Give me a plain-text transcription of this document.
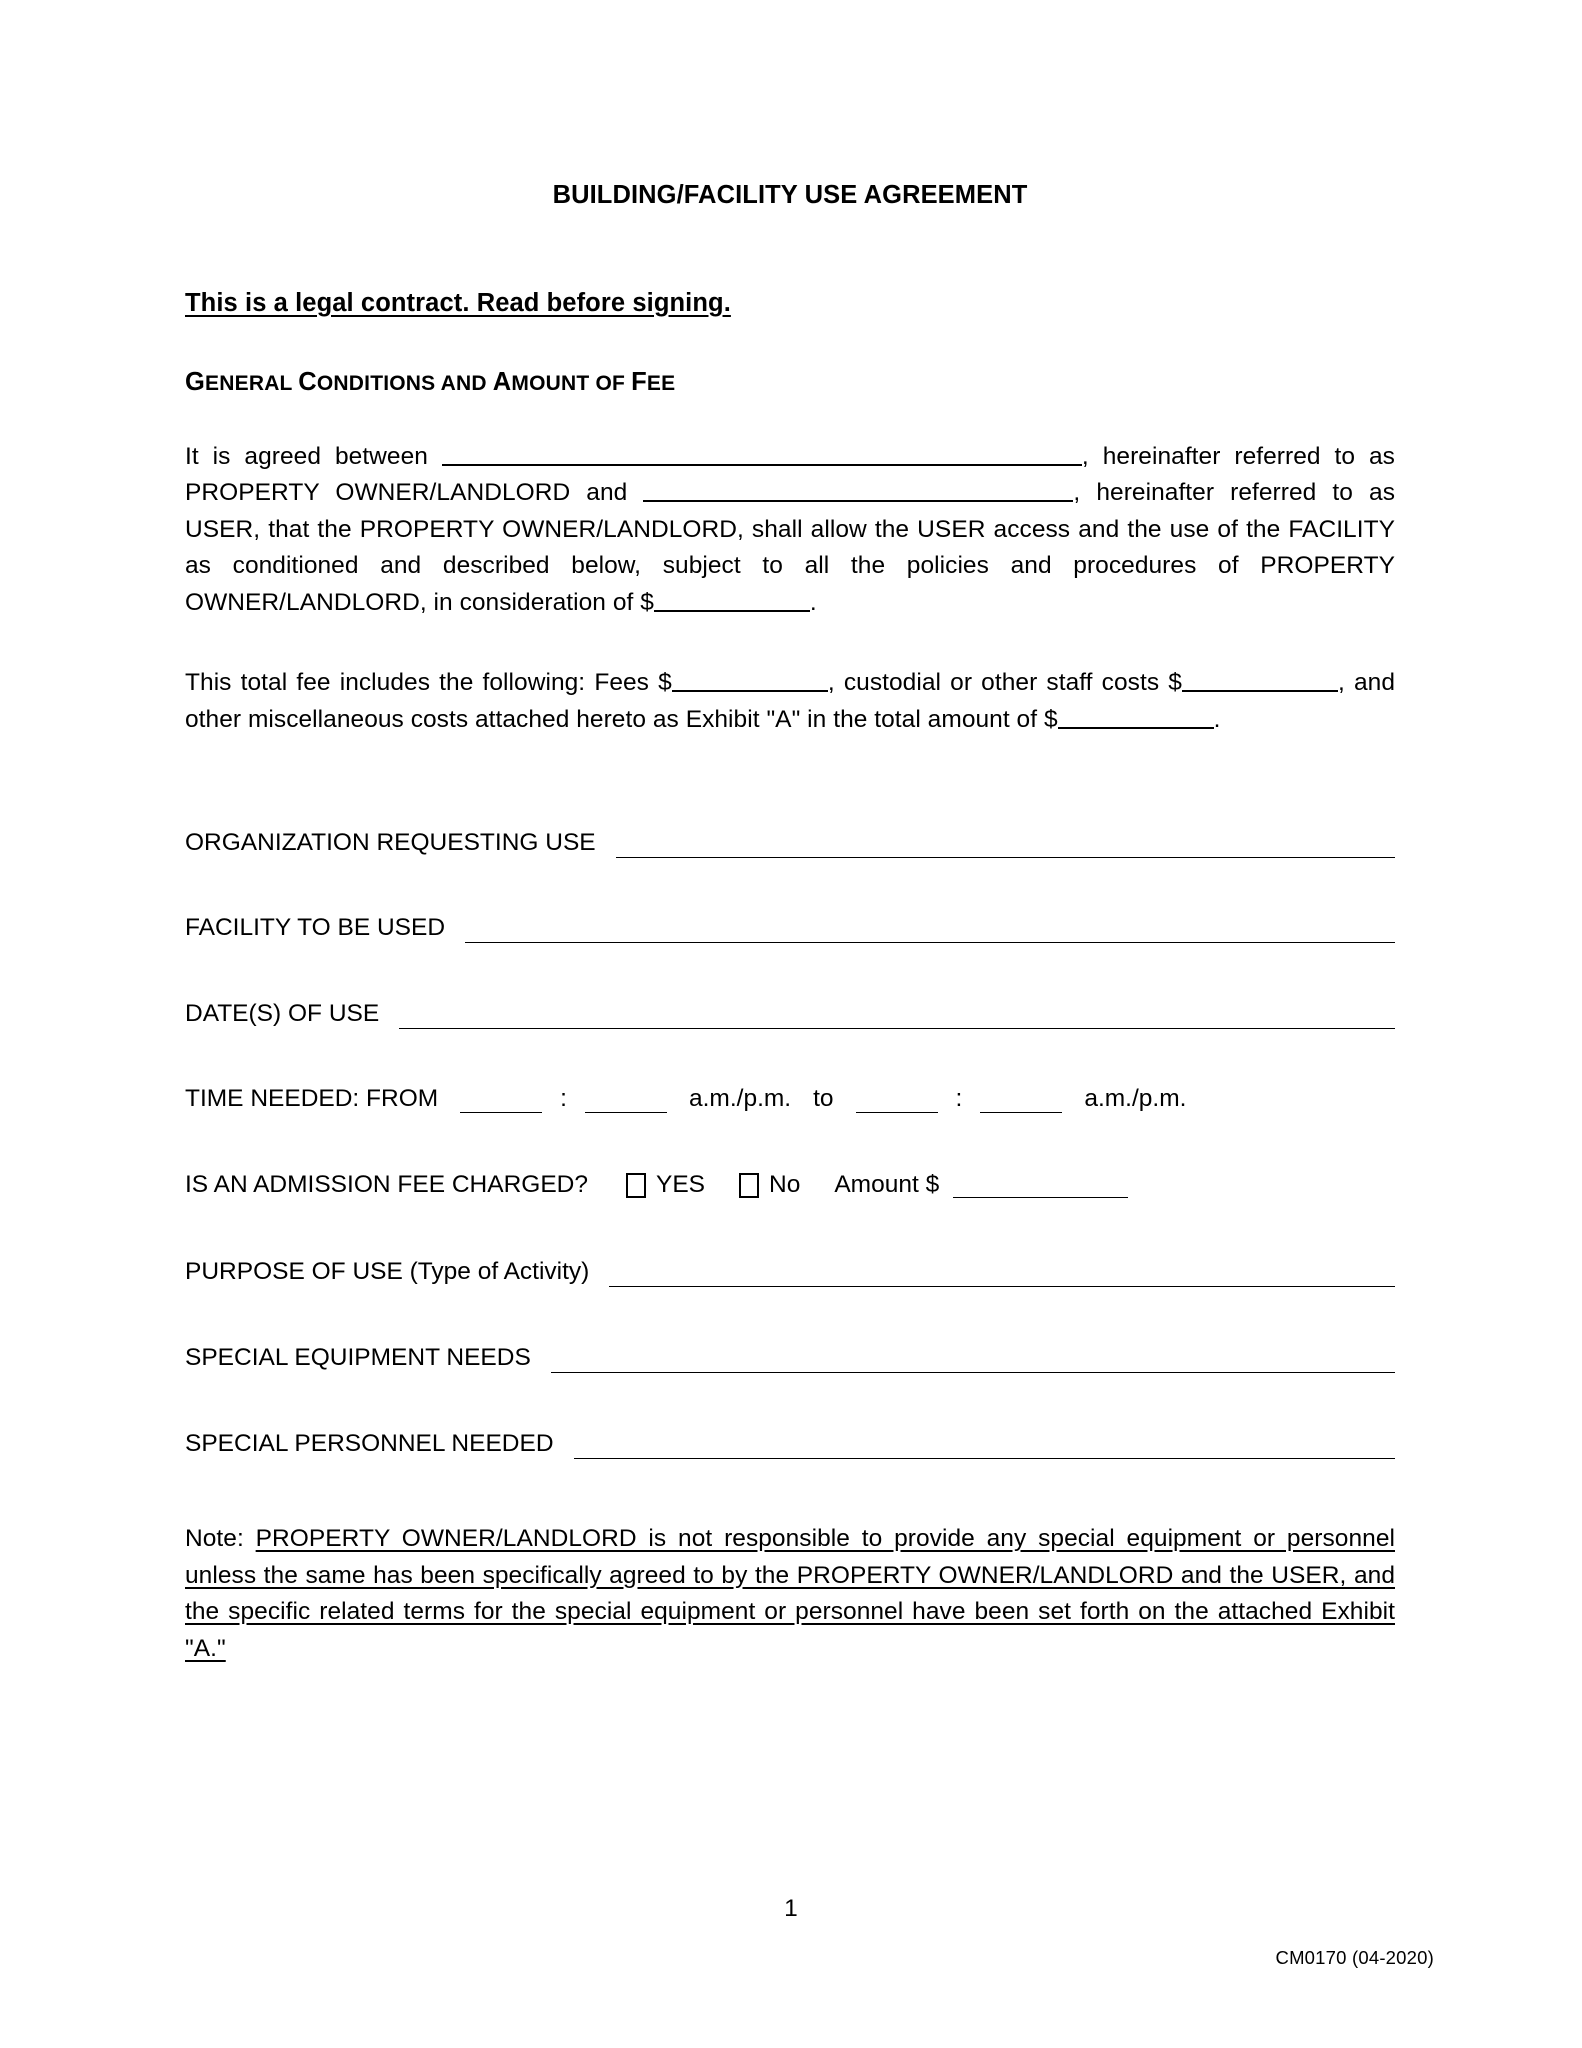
BUILDING/FACILITY USE AGREEMENT
This is a legal contract. Read before signing.
GENERAL CONDITIONS AND AMOUNT OF FEE

It is agreed between	, hereinafter referred to as PROPERTY OWNER/LANDLORD and	, hereinafter referred to as USER, that the PROPERTY OWNER/LANDLORD, shall allow the USER access and the use of the FACILITY as conditioned and described below, subject to all the policies and procedures of PROPERTY OWNER/LANDLORD, in consideration of $	.

This total fee includes the following: Fees $	, custodial or other staff costs $	, and other miscellaneous costs attached hereto as Exhibit "A" in the total amount of $	.

ORGANIZATION REQUESTING USE
FACILITY TO BE USED
DATE(S) OF USE
TIME NEEDED: FROM	:	a.m./p.m. to	:	a.m./p.m.
IS AN ADMISSION FEE CHARGED?	YES	No Amount $
PURPOSE OF USE (Type of Activity)
SPECIAL EQUIPMENT NEEDS
SPECIAL PERSONNEL NEEDED
Note: PROPERTY OWNER/LANDLORD is not responsible to provide any special equipment or personnel unless the same has been specifically agreed to by the PROPERTY OWNER/LANDLORD and the USER, and the specific related terms for the special equipment or personnel have been set forth on the attached Exhibit "A."
1
CM0170 (04-2020)
